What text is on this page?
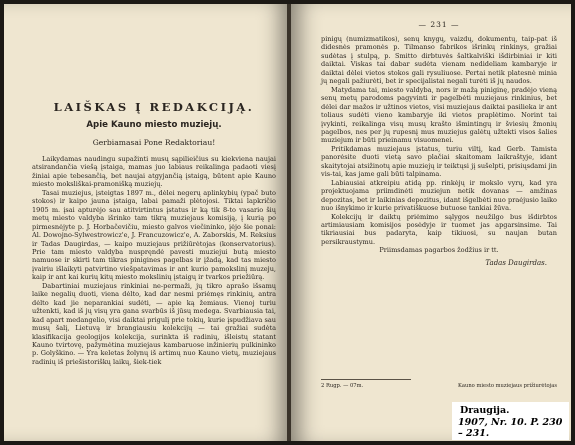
LAIŠKAS Į REDAKCIJĄ.
Apie Kauno miesto muziejų.
Gerbiamasai Pone Redaktoriau!

Laikydamas naudingu supažinti musų sąpilieičius su kiekviena naujai atsirandančia viešą įstaiga, mamas juo labiaus reikalinga padaoti viesį žiniai apie tebesančią, bet naujai atgyjančią įstaigą, būtent apie Kauno miesto moksliškai-pramonišką muziejų.

Tasai muziejus, įsteigtas 1897 m., dėlei negerų aplinkybių (ypač buto stokos) ir kaipo jauna įstaiga, labai pamaži plėtojosi. Tiktai lapkričio 1905 m. įsai apturėjo sau atitvirtintus įstatus ir ką tik 8-to vasario šių metų miesto valdyba išrinko tam tikrą muziejaus komisiją, į kurią po pirmesnėjyte p. J. Horbačevičiu, miesto galvos viečininko, įėjo šie ponai: Al. Dowojno-Sylwestrowicz'e, J. Francuzowicz'e, A. Zaborskis, M. Reksius ir Tadas Daugirdas, — kaipo muziejaus prižiūrėtojas (konservatorius). Prie tam miesto valdyba nuspręndė pavesti muziejui butą miesto namuose ir skirti tam tikras pinigines pagelbas ir įžadą, kad tas miesto įvairiu išlaikyti patvirtino viešpatavimas ir ant kurio pamokslinį muzeju, kaip ir ant kai kurių kitų miesto mokslinių įstaigų ir tvarkos priežiūrą.

Dabartiniai muziejaus rinkiniai ne-permaži, jų tikro aprašo išsamų laike negalių duoti, viena dėlto, kad dar nesmi priėmęs rinkinių, antra dėlto kad jie neparankiai sudėti, — apie ką žemiaus. Vienoj turiu užtenkti, kad iš jų visų yra gana svarbūs iš jūsų medega. Svarbiausia tai, kad apart medangelio, visi daiktai prigulį prie tokių, kurie įspudžiava sau musų šalį, Lietuvą ir brangiausiu kolekcijų — tai gražiai sudėta klasifikacija geologijos kolekcija, surinkta iš radinių, išleistų statant Kauno tvirtovę, pažymėtina muziejaus kambaruose inžinierių pulkininko p. Golyškino. — Yra keletas žolynų iš artimų nuo Kauno vietų, muziejaus radinių iš priešistoriškų laikų, šiek-tiek

— 231 —

pinigų (numizmatikos), senų knygų, vaizdų, dokumentų, taip-pat iš didesnės pramonės p. Tilmanso fabrikos išrinkų rinkinys, gražiai sudėtas į stulpą, p. Smitto dirbtuvės šaltkalviški išdirbiniai ir kiti daiktai. Viskas tai dabar sudėta vienam nedideliam kambaryje ir daiktai dėlei vietos stokos gali rysuliuose. Pertai netik platesnė minia jų negali pažiurėti, bet ir specijalistai negali turėti iš jų naudos.

Matydama tai, miesto valdyba, nors ir mažą piniginę, pradėjo vieną senų metų parodoms pagyvinti ir pagelbėti muziejaus rinkinius, bet dėlei dar mažos ir užtinos vietos, visi muziejaus daiktai pasilieka ir ant toliaus sudėti vieno kambaryje iki vietos praplėtimo. Norint tai įvykinti, reikalinga visų musų krašto išmintingų ir šviesių žmonių pagelbos, nes per jų rupesnį mus muziejus galėtų užtekti visos šalies muziejum ir būti prieinamu visuomenei.

Pritikdamas muziejaus įstatus, turiu viltį, kad Gerb. Tamista panorėsite duoti vietą savo plačiai skaitomam laikraštyje, idant skaitytojai atsižinotų apie muziejų ir teiktųsi jį sušelpti, prisiųsdami jin vis-tai, kas jame gali būti talpinama.

Labiausiai atkreipiu atidą pp. rinkėjų ir mokslo vyrų, kad yra projektuojama priimdinėti muziejun netik dovanas — amžinas depozitas, bet ir laikinias depozitus, idant išgelbėti nuo praėjusio laiko nuo išnykimo ir kurie privatiškuose butuose tankiai žūva.

Kolekcijų ir daiktų priėmimo sąlygos neužilgo bus išdirbtos artimiausiam komisijos posėdyje ir tuomet jas apgarsinsime. Tai tikriausiai bus padaryta, kaip tikiuosi, su naujan butan persikraustymu.

Priimsdamas pagarbos žodžius ir tt.

Tadas Daugirdas.
2 Rugp. — 07m.	Kauno miesto muziejaus prižiurėtojas
Draugija.
1907, Nr. 10. P. 230 – 231.
